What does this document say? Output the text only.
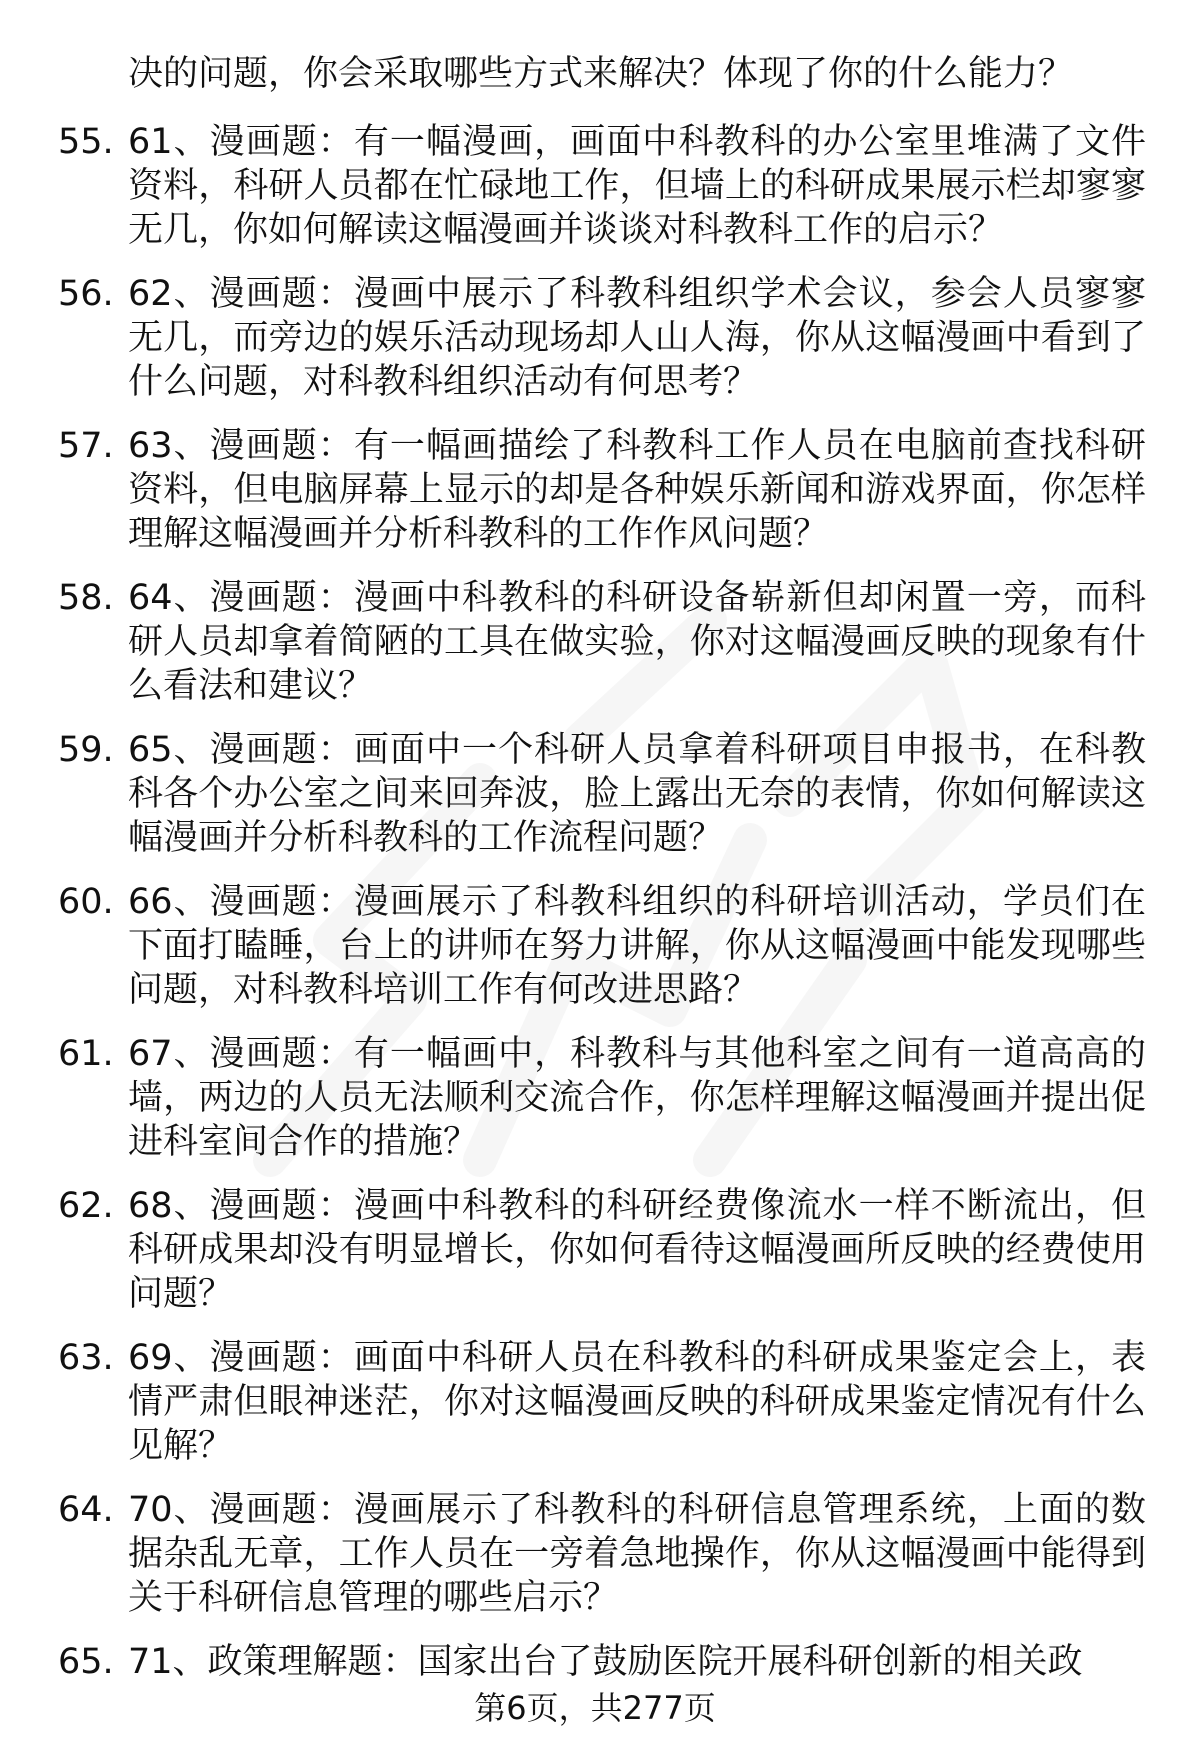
决的问题，你会采取哪些方式来解决？体现了你的什么能力？
55. 61、漫画题：有一幅漫画，画面中科教科的办公室里堆满了文件资料，科研人员都在忙碌地工作，但墙上的科研成果展示栏却寥寥无几，你如何解读这幅漫画并谈谈对科教科工作的启示？
56. 62、漫画题：漫画中展示了科教科组织学术会议，参会人员寥寥无几，而旁边的娱乐活动现场却人山人海，你从这幅漫画中看到了什么问题，对科教科组织活动有何思考？
57. 63、漫画题：有一幅画描绘了科教科工作人员在电脑前查找科研资料，但电脑屏幕上显示的却是各种娱乐新闻和游戏界面，你怎样理解这幅漫画并分析科教科的工作作风问题？
58. 64、漫画题：漫画中科教科的科研设备崭新但却闲置一旁，而科研人员却拿着简陋的工具在做实验，你对这幅漫画反映的现象有什么看法和建议？
59. 65、漫画题：画面中一个科研人员拿着科研项目申报书，在科教科各个办公室之间来回奔波，脸上露出无奈的表情，你如何解读这幅漫画并分析科教科的工作流程问题？
60. 66、漫画题：漫画展示了科教科组织的科研培训活动，学员们在下面打瞌睡，台上的讲师在努力讲解，你从这幅漫画中能发现哪些问题，对科教科培训工作有何改进思路？
61. 67、漫画题：有一幅画中，科教科与其他科室之间有一道高高的墙，两边的人员无法顺利交流合作，你怎样理解这幅漫画并提出促进科室间合作的措施？
62. 68、漫画题：漫画中科教科的科研经费像流水一样不断流出，但科研成果却没有明显增长，你如何看待这幅漫画所反映的经费使用问题？
63. 69、漫画题：画面中科研人员在科教科的科研成果鉴定会上，表情严肃但眼神迷茫，你对这幅漫画反映的科研成果鉴定情况有什么见解？
64. 70、漫画题：漫画展示了科教科的科研信息管理系统，上面的数据杂乱无章，工作人员在一旁着急地操作，你从这幅漫画中能得到关于科研信息管理的哪些启示？
65. 71、政策理解题：国家出台了鼓励医院开展科研创新的相关政
第6页，共277页
